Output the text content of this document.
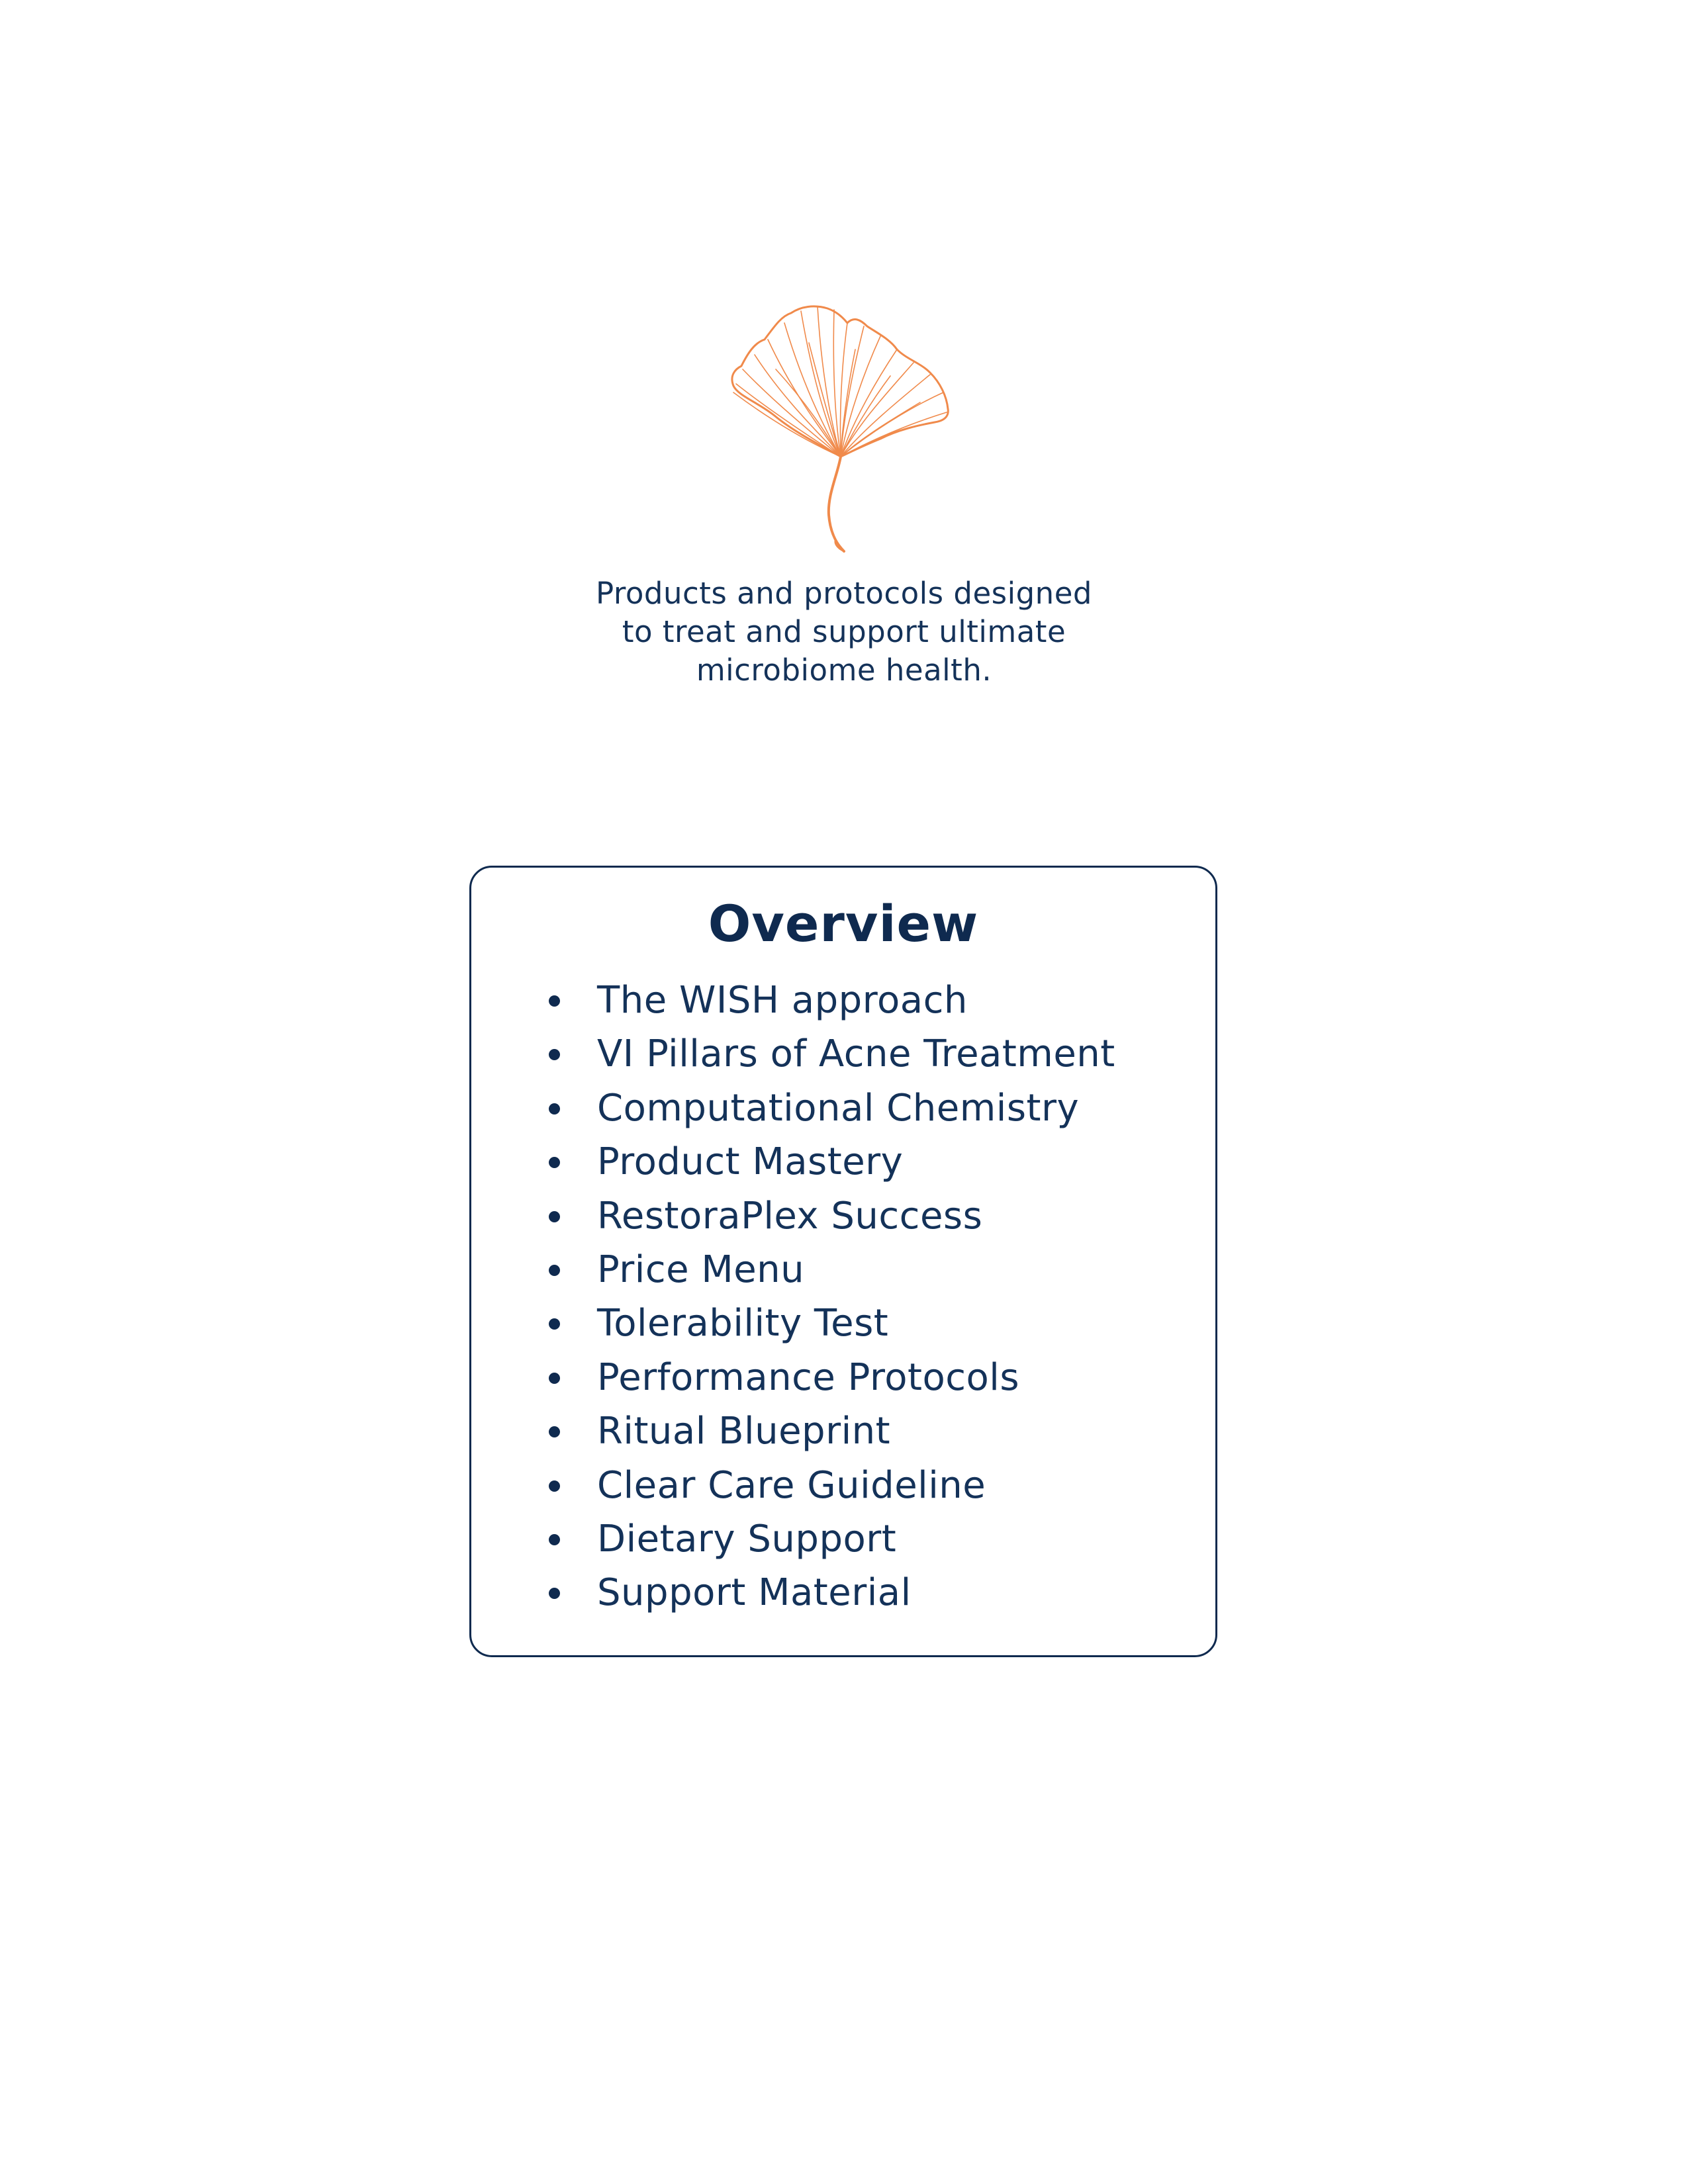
Products and protocols designed
to treat and support ultimate
microbiome health.
Overview
The WISH approach
VI Pillars of Acne Treatment
Computational Chemistry
Product Mastery
RestoraPlex Success
Price Menu
Tolerability Test
Performance Protocols
Ritual Blueprint
Clear Care Guideline
Dietary Support
Support Material
